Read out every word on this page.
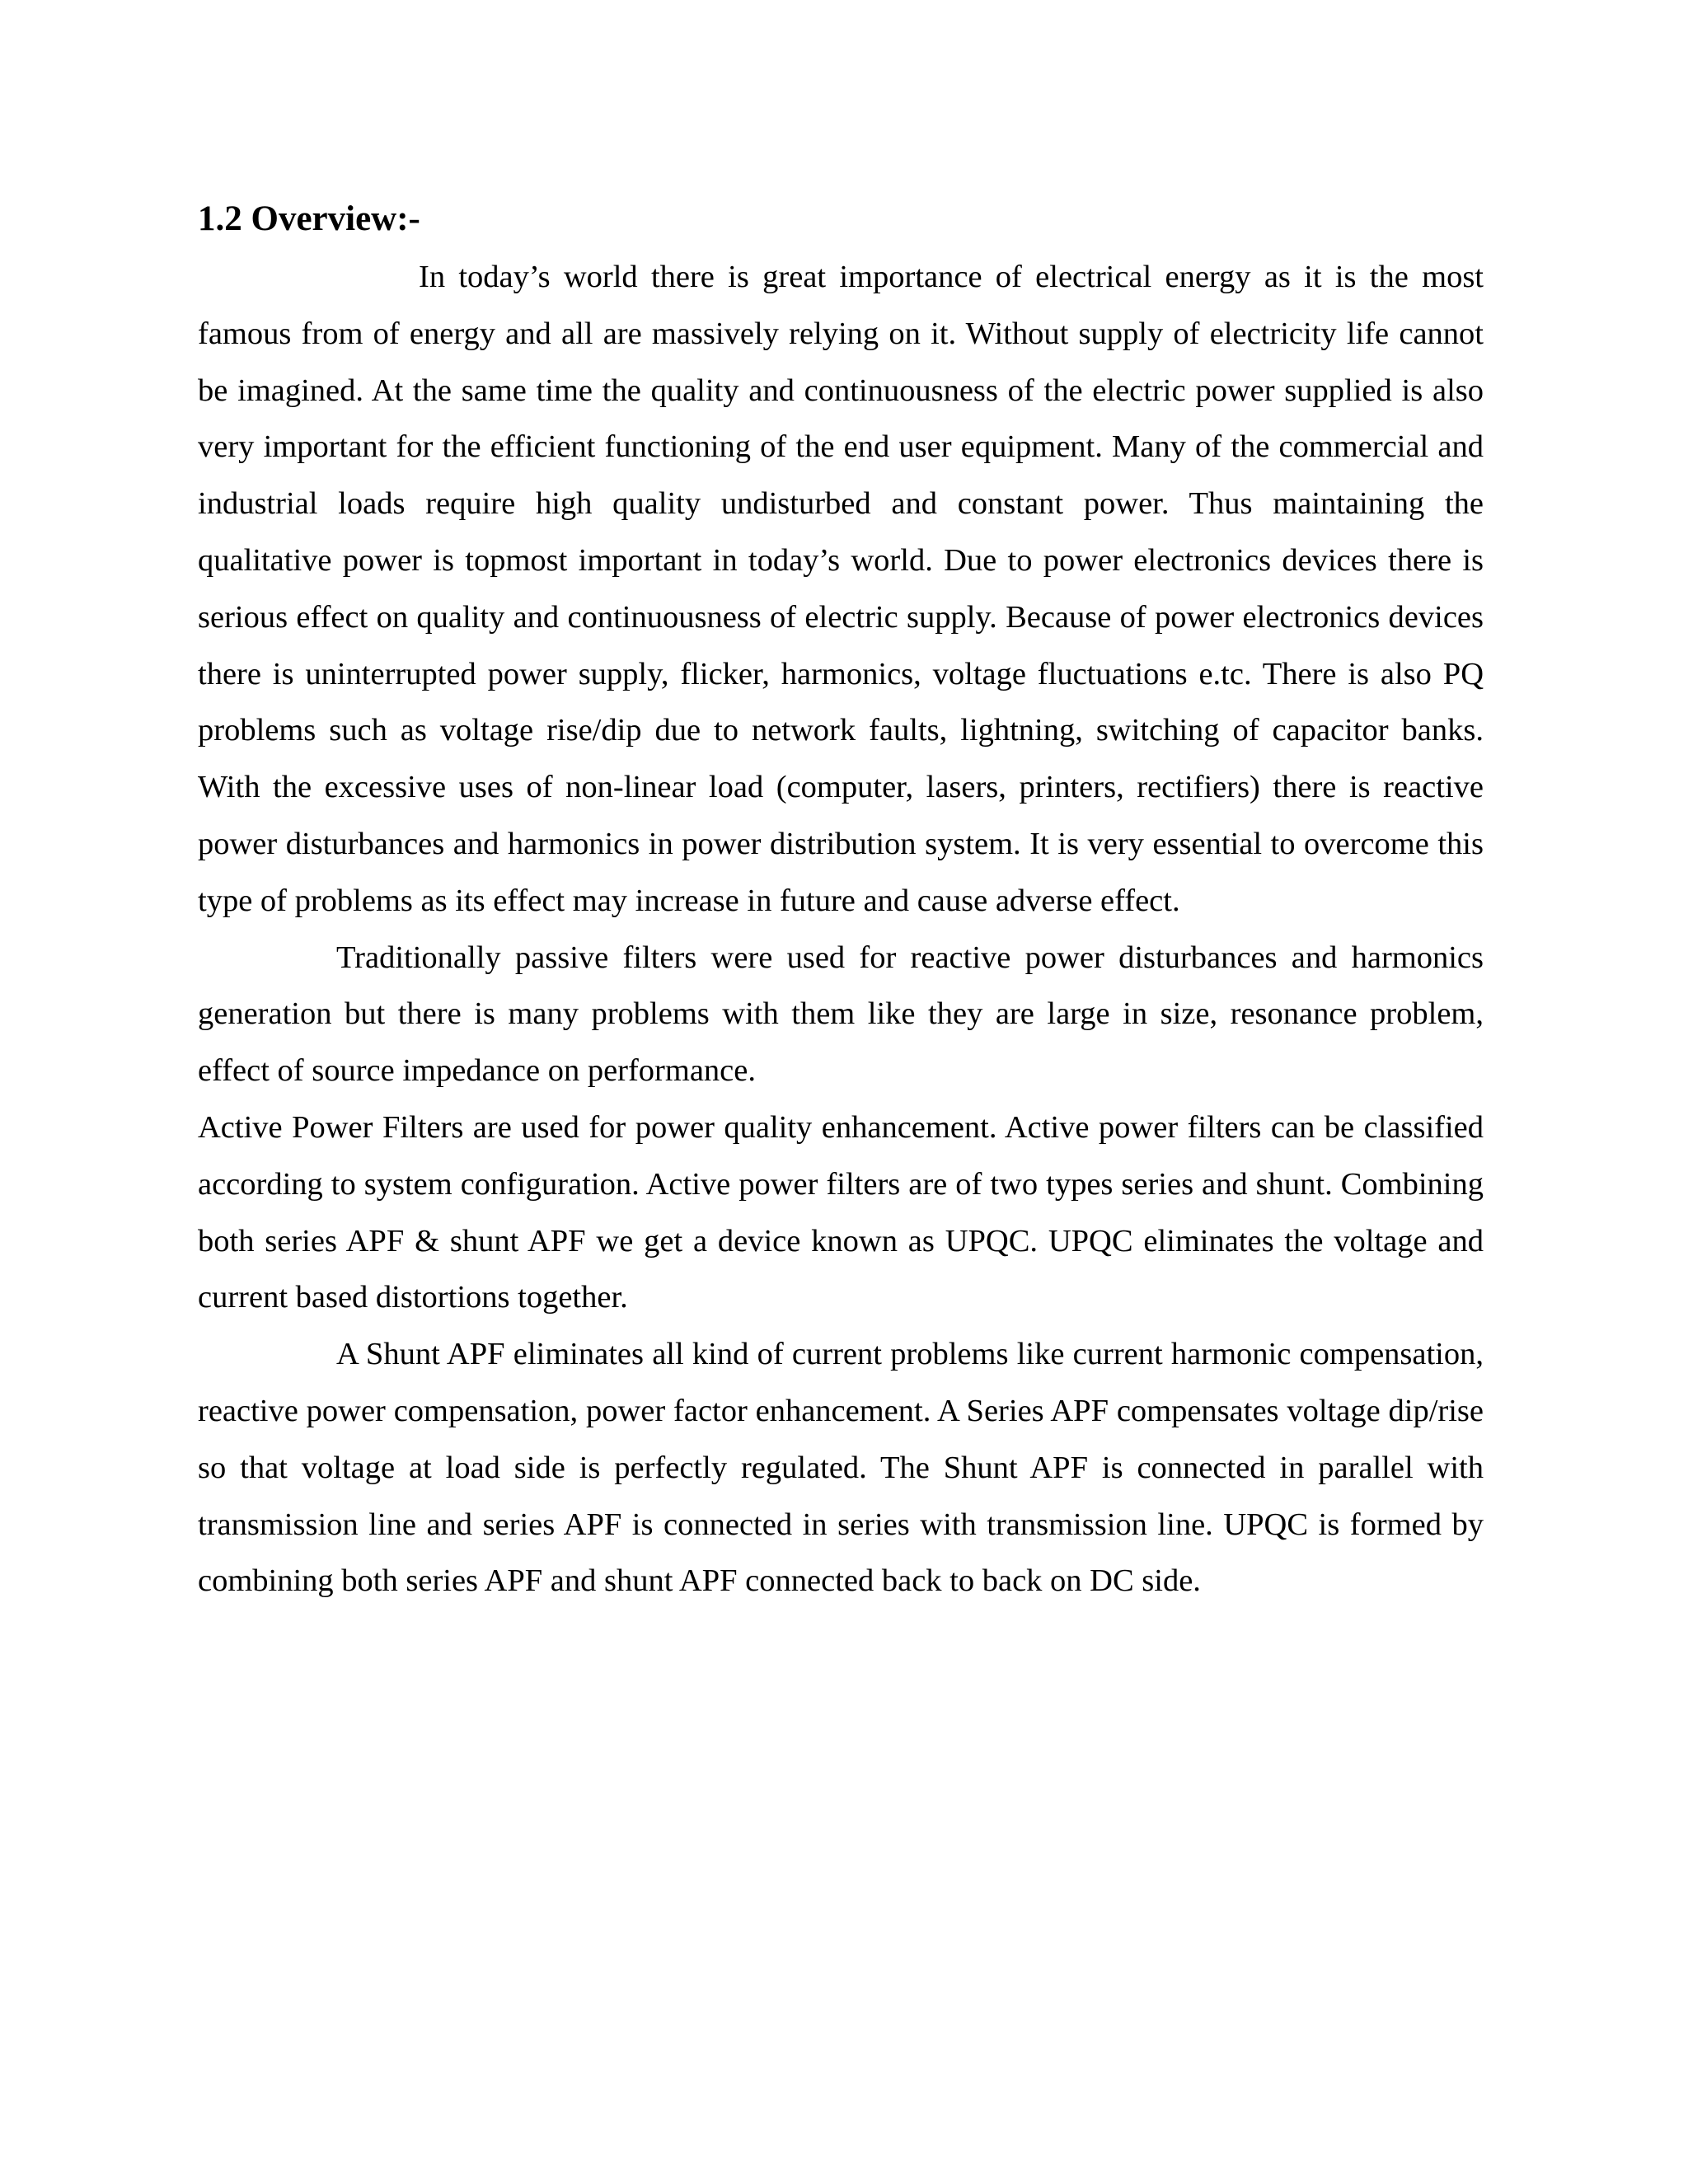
1.2 Overview:-

In today’s world there is great importance of electrical energy as it is the most famous from of energy and all are massively relying on it. Without supply of electricity life cannot be imagined. At the same time the quality and continuousness of the electric power supplied is also very important for the efficient functioning of the end user equipment. Many of the commercial and industrial loads require high quality undisturbed and constant power. Thus maintaining the qualitative power is topmost important in today’s world. Due to power electronics devices there is serious effect on quality and continuousness of electric supply. Because of power electronics devices there is uninterrupted power supply, flicker, harmonics, voltage fluctuations e.tc. There is also PQ problems such as voltage rise/dip due to network faults, lightning, switching of capacitor banks. With the excessive uses of non-linear load (computer, lasers, printers, rectifiers) there is reactive power disturbances and harmonics in power distribution system. It is very essential to overcome this type of problems as its effect may increase in future and cause adverse effect.

Traditionally passive filters were used for reactive power disturbances and harmonics generation but there is many problems with them like they are large in size, resonance problem, effect of source impedance on performance.

Active Power Filters are used for power quality enhancement. Active power filters can be classified according to system configuration. Active power filters are of two types series and shunt. Combining both series APF & shunt APF we get a device known as UPQC. UPQC eliminates the voltage and current based distortions together.

A Shunt APF eliminates all kind of current problems like current harmonic compensation, reactive power compensation, power factor enhancement. A Series APF compensates voltage dip/rise so that voltage at load side is perfectly regulated. The Shunt APF is connected in parallel with transmission line and series APF is connected in series with transmission line. UPQC is formed by combining both series APF and shunt APF connected back to back on DC side.
